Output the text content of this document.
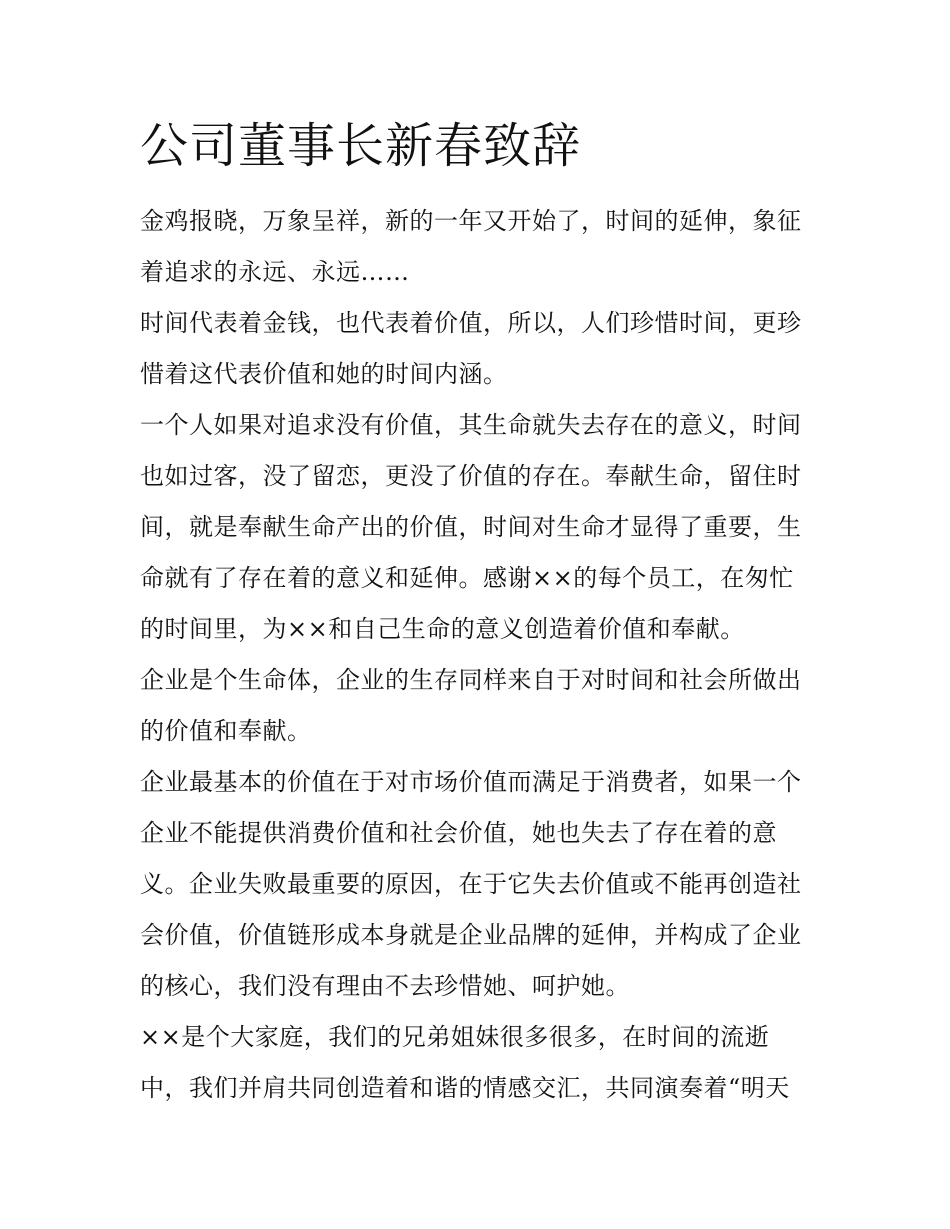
公司董事长新春致辞
金鸡报晓，万象呈祥，新的一年又开始了，时间的延伸，象征
着追求的永远、永远……
时间代表着金钱，也代表着价值，所以，人们珍惜时间，更珍
惜着这代表价值和她的时间内涵。
一个人如果对追求没有价值，其生命就失去存在的意义，时间
也如过客，没了留恋，更没了价值的存在。奉献生命，留住时
间，就是奉献生命产出的价值，时间对生命才显得了重要，生
命就有了存在着的意义和延伸。感谢××的每个员工，在匆忙
的时间里，为××和自己生命的意义创造着价值和奉献。
企业是个生命体，企业的生存同样来自于对时间和社会所做出
的价值和奉献。
企业最基本的价值在于对市场价值而满足于消费者，如果一个
企业不能提供消费价值和社会价值，她也失去了存在着的意
义。企业失败最重要的原因，在于它失去价值或不能再创造社
会价值，价值链形成本身就是企业品牌的延伸，并构成了企业
的核心，我们没有理由不去珍惜她、呵护她。
××是个大家庭，我们的兄弟姐妹很多很多，在时间的流逝
中，我们并肩共同创造着和谐的情感交汇，共同演奏着“明天
